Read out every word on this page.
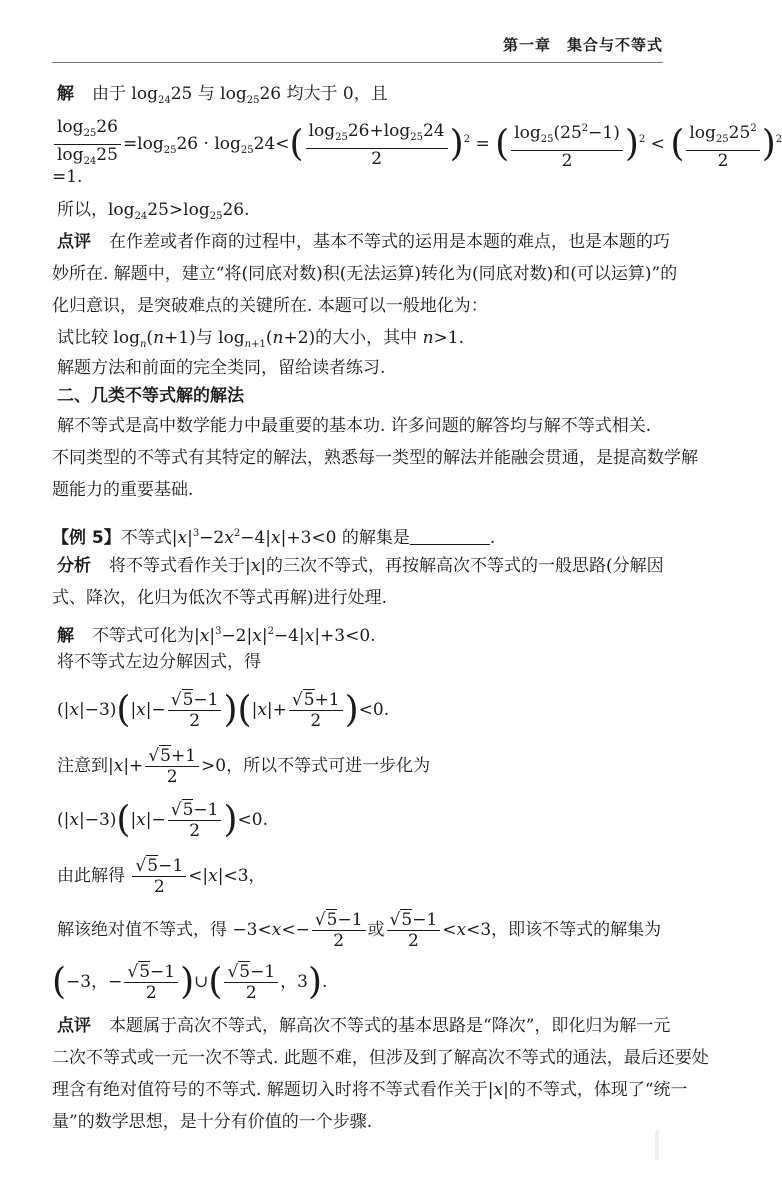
第一章　集合与不等式
解 由于 $\log_{24}25$ 与 $\log_{25}26$ 均大于 0，且
$\frac{\log_{25}26}{\log_{24}25} =\log_{25}26 \cdot \log_{25}24<( \frac{\log_{25}26+\log_{25}24}{2} )^2$ = ( $\frac{\log_{25}(25^2-1)}{2} )^2$ < ( $\frac{\log_{25}25^2}{2} )^2$
=1.
所以，$\log_{24}25>\log_{25}26$.
点评 在作差或者作商的过程中，基本不等式的运用是本题的难点，也是本题的巧
妙所在. 解题中，建立“将(同底对数)积(无法运算)转化为(同底对数)和(可以运算)”的
化归意识，是突破难点的关键所在. 本题可以一般地化为：
试比较 $\log_n(n+1)$与 $\log_{n+1}(n+2)$的大小，其中 n>1.
解题方法和前面的完全类同，留给读者练习.
二、几类不等式解的解法
解不等式是高中数学能力中最重要的基本功. 许多问题的解答均与解不等式相关.
不同类型的不等式有其特定的解法，熟悉每一类型的解法并能融会贯通，是提高数学解
题能力的重要基础.
【例 5】不等式$|x|^3-2x^2-4|x|+3<0$ 的解集是	.
分析 将不等式看作关于|x|的三次不等式，再按解高次不等式的一般思路(分解因
式、降次，化归为低次不等式再解)进行处理.
解 不等式可化为$|x|^3-2|x|^2-4|x|+3<0$.
将不等式左边分解因式，得
$(|x|-3)(|x|- \frac{√5-1}{2} )(|x|+ \frac{√5+1}{2} )<0$.
注意到$|x|+ \frac{√5+1}{2} >0$，所以不等式可进一步化为
$(|x|-3)(|x|- \frac{√5-1}{2} )<0$.
由此解得 $\frac{√5-1}{2} <|x|<3$，
解该绝对值不等式，得 $-3<x<- \frac{√5-1}{2}$ 或 $\frac{√5-1}{2} <x<3$，即该不等式的解集为
(−3，− $\frac{√5-1}{2}$ )∪( $\frac{√5-1}{2}$ ，3).
点评 本题属于高次不等式，解高次不等式的基本思路是“降次”，即化归为解一元
二次不等式或一元一次不等式. 此题不难，但涉及到了解高次不等式的通法，最后还要处
理含有绝对值符号的不等式. 解题切入时将不等式看作关于|x|的不等式，体现了“统一
量”的数学思想，是十分有价值的一个步骤.
